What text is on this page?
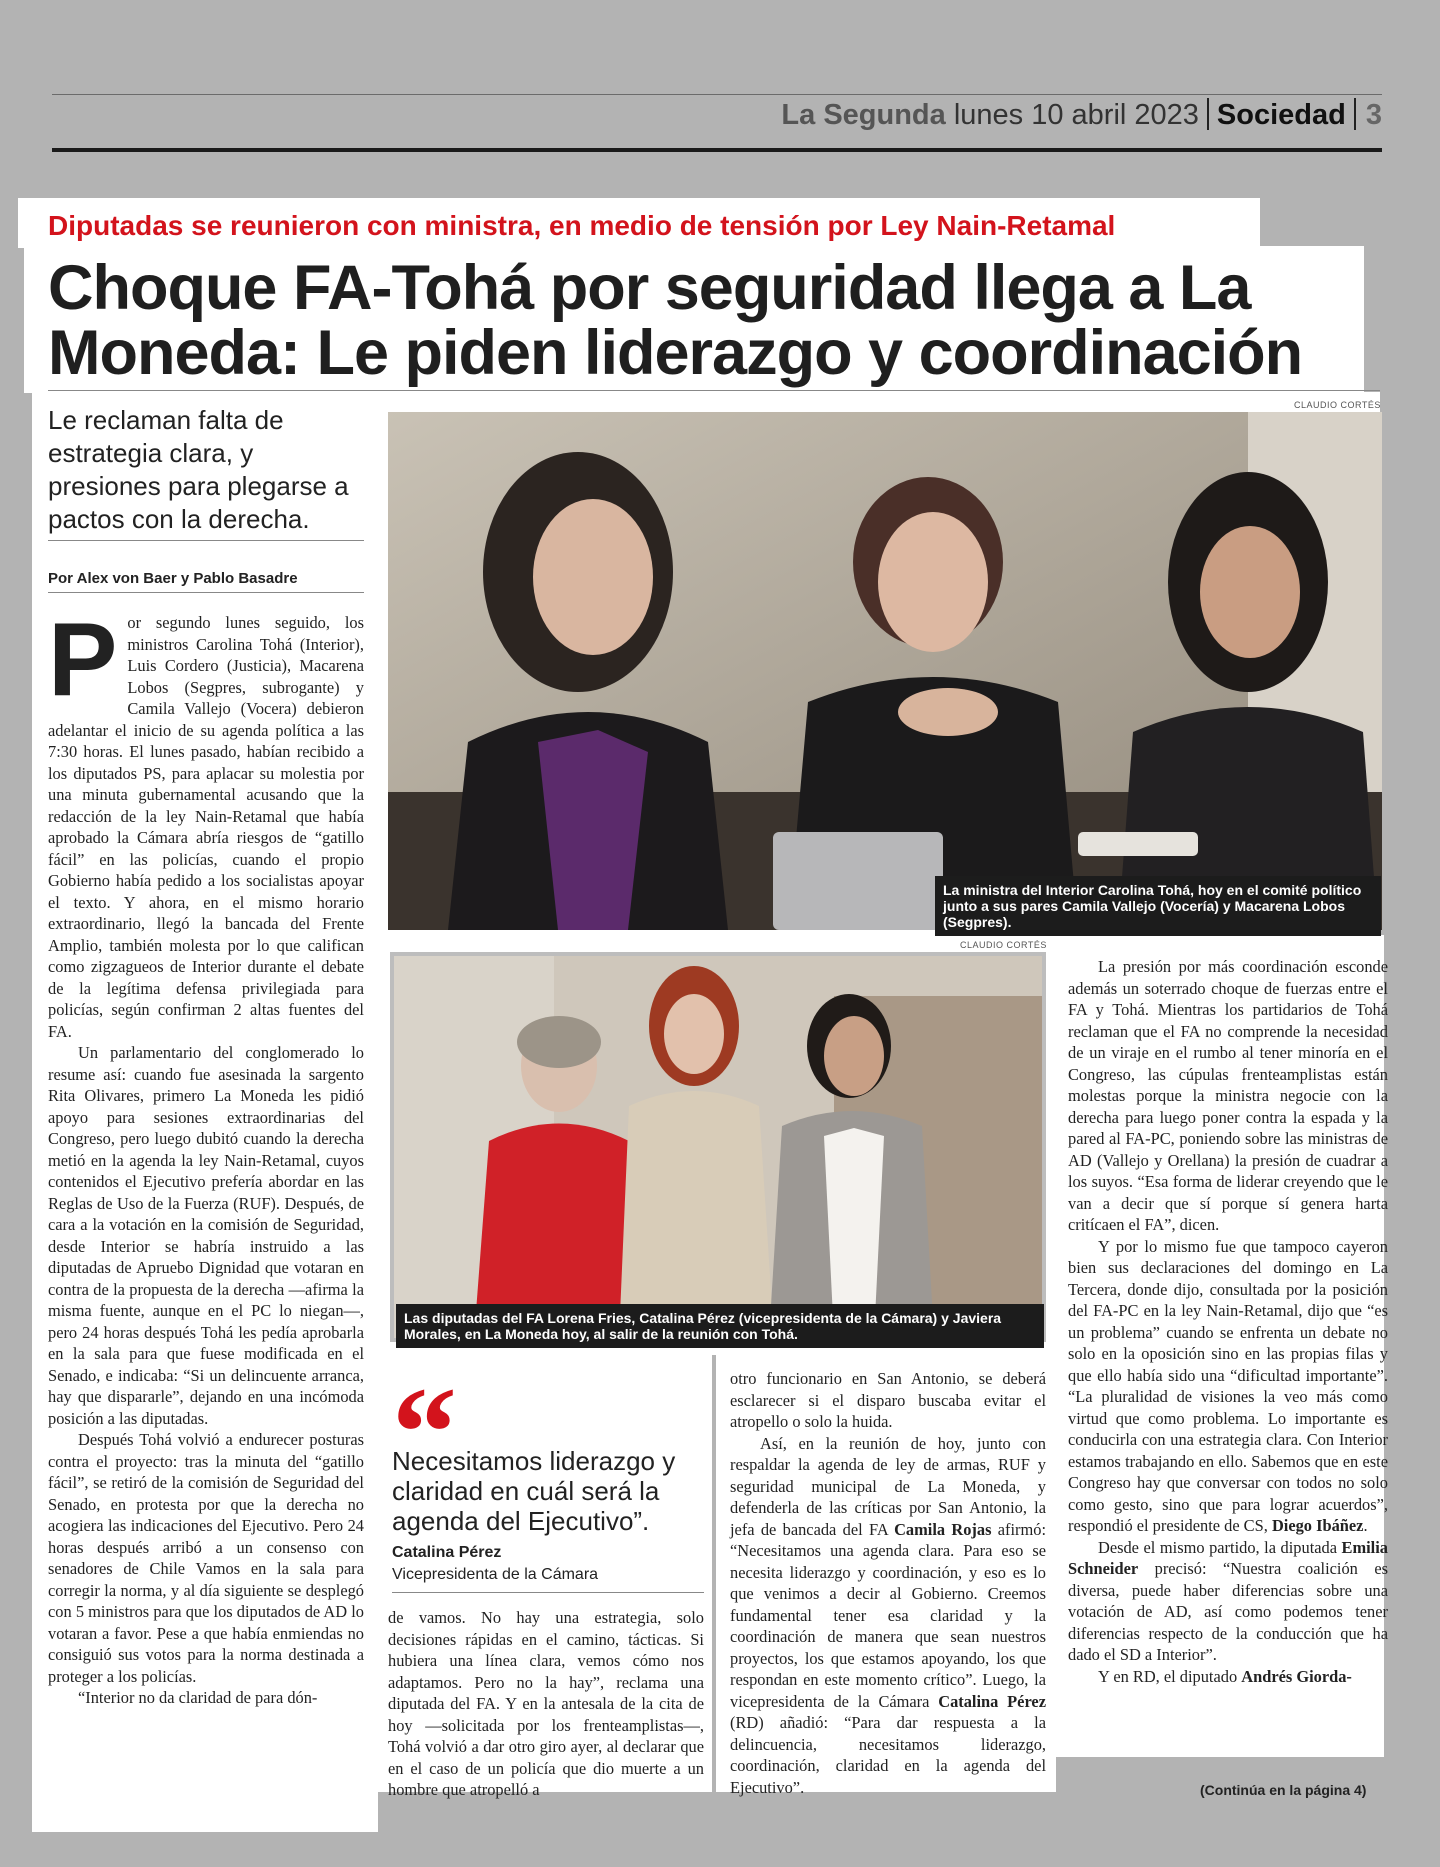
La Segunda lunes 10 abril 2023 Sociedad 3
Diputadas se reunieron con ministra, en medio de tensión por Ley Nain-Retamal
Choque FA-Tohá por seguridad llega a La Moneda: Le piden liderazgo y coordinación
Le reclaman falta de estrategia clara, y presiones para plegarse a pactos con la derecha.
Por Alex von Baer y Pablo Basadre

Por segundo lunes seguido, los ministros Carolina Tohá (Interior), Luis Cordero (Justicia), Macarena Lobos (Segpres, subrogante) y Camila Vallejo (Vocera) debieron adelantar el inicio de su agenda política a las 7:30 horas. El lunes pasado, habían recibido a los diputados PS, para aplacar su molestia por una minuta gubernamental acusando que la redacción de la ley Nain-Retamal que había aprobado la Cámara abría riesgos de “gatillo fácil” en las policías, cuando el propio Gobierno había pedido a los socialistas apoyar el texto. Y ahora, en el mismo horario extraordinario, llegó la bancada del Frente Amplio, también molesta por lo que califican como zigzagueos de Interior durante el debate de la legítima defensa privilegiada para policías, según confirman 2 altas fuentes del FA.

Un parlamentario del conglomerado lo resume así: cuando fue asesinada la sargento Rita Olivares, primero La Moneda les pidió apoyo para sesiones extraordinarias del Congreso, pero luego dubitó cuando la derecha metió en la agenda la ley Nain-Retamal, cuyos contenidos el Ejecutivo prefería abordar en las Reglas de Uso de la Fuerza (RUF). Después, de cara a la votación en la comisión de Seguridad, desde Interior se habría instruido a las diputadas de Apruebo Dignidad que votaran en contra de la propuesta de la derecha —afirma la misma fuente, aunque en el PC lo niegan—, pero 24 horas después Tohá les pedía aprobarla en la sala para que fuese modificada en el Senado, e indicaba: “Si un delincuente arranca, hay que dispararle”, dejando en una incómoda posición a las diputadas.

Después Tohá volvió a endurecer posturas contra el proyecto: tras la minuta del “gatillo fácil”, se retiró de la comisión de Seguridad del Senado, en protesta por que la derecha no acogiera las indicaciones del Ejecutivo. Pero 24 horas después arribó a un consenso con senadores de Chile Vamos en la sala para corregir la norma, y al día siguiente se desplegó con 5 ministros para que los diputados de AD lo votaran a favor. Pese a que había enmiendas no consiguió sus votos para la norma destinada a proteger a los policías.

“Interior no da claridad de para dón-

CLAUDIO CORTÉS
La ministra del Interior Carolina Tohá, hoy en el comité político junto a sus pares Camila Vallejo (Vocería) y Macarena Lobos (Segpres).
CLAUDIO CORTÉS
Las diputadas del FA Lorena Fries, Catalina Pérez (vicepresidenta de la Cámara) y Javiera Morales, en La Moneda hoy, al salir de la reunión con Tohá.
“
Necesitamos liderazgo y claridad en cuál será la agenda del Ejecutivo”.
Catalina Pérez
Vicepresidenta de la Cámara

de vamos. No hay una estrategia, solo decisiones rápidas en el camino, tácticas. Si hubiera una línea clara, vemos cómo nos adaptamos. Pero no la hay”, reclama una diputada del FA. Y en la antesala de la cita de hoy —solicitada por los frenteamplistas—, Tohá volvió a dar otro giro ayer, al declarar que en el caso de un policía que dio muerte a un hombre que atropelló a

otro funcionario en San Antonio, se deberá esclarecer si el disparo buscaba evitar el atropello o solo la huida.

Así, en la reunión de hoy, junto con respaldar la agenda de ley de armas, RUF y seguridad municipal de La Moneda, y defenderla de las críticas por San Antonio, la jefa de bancada del FA Camila Rojas afirmó: “Necesitamos una agenda clara. Para eso se necesita liderazgo y coordinación, y eso es lo que venimos a decir al Gobierno. Creemos fundamental tener esa claridad y la coordinación de manera que sean nuestros proyectos, los que estamos apoyando, los que respondan en este momento crítico”. Luego, la vicepresidenta de la Cámara Catalina Pérez (RD) añadió: “Para dar respuesta a la delincuencia, necesitamos liderazgo, coordinación, claridad en la agenda del Ejecutivo”.

La presión por más coordinación esconde además un soterrado choque de fuerzas entre el FA y Tohá. Mientras los partidarios de Tohá reclaman que el FA no comprende la necesidad de un viraje en el rumbo al tener minoría en el Congreso, las cúpulas frenteamplistas están molestas porque la ministra negocie con la derecha para luego poner contra la espada y la pared al FA-PC, poniendo sobre las ministras de AD (Vallejo y Orellana) la presión de cuadrar a los suyos. “Esa forma de liderar creyendo que le van a decir que sí porque sí genera harta critícaen el FA”, dicen.

Y por lo mismo fue que tampoco cayeron bien sus declaraciones del domingo en La Tercera, donde dijo, consultada por la posición del FA-PC en la ley Nain-Retamal, dijo que “es un problema” cuando se enfrenta un debate no solo en la oposición sino en las propias filas y que ello había sido una “dificultad importante”. “La pluralidad de visiones la veo más como virtud que como problema. Lo importante es conducirla con una estrategia clara. Con Interior estamos trabajando en ello. Sabemos que en este Congreso hay que conversar con todos no solo como gesto, sino que para lograr acuerdos”, respondió el presidente de CS, Diego Ibáñez.

Desde el mismo partido, la diputada Emilia Schneider precisó: “Nuestra coalición es diversa, puede haber diferencias sobre una votación de AD, así como podemos tener diferencias respecto de la conducción que ha dado el SD a Interior”.

Y en RD, el diputado Andrés Giorda-

(Continúa en la página 4)
